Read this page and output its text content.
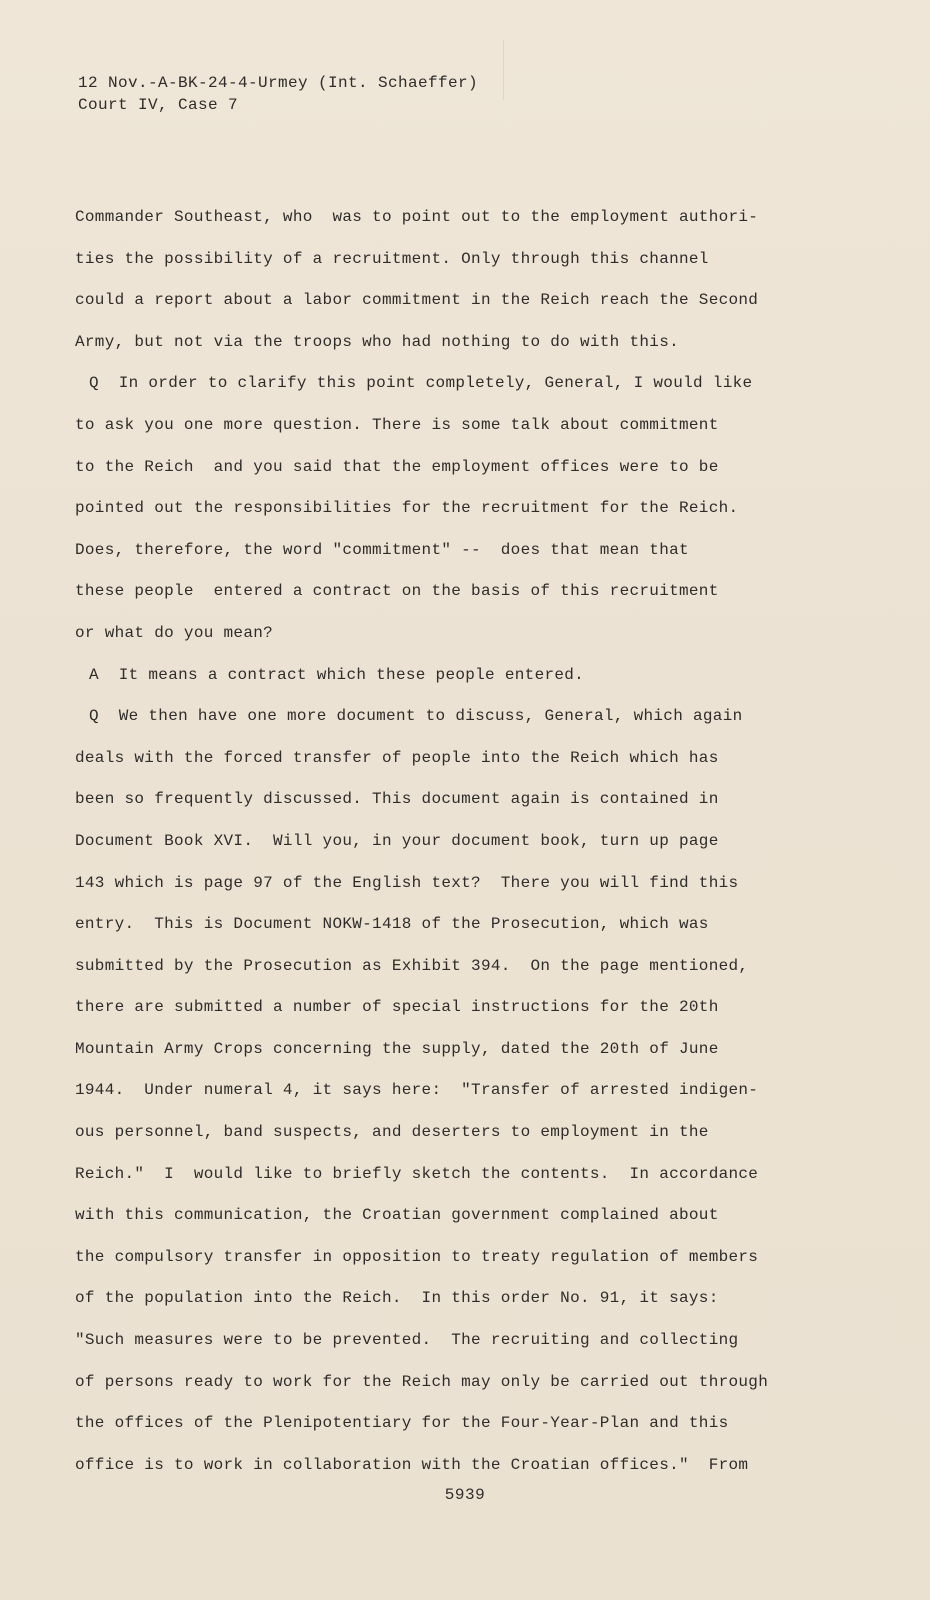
12 Nov.-A-BK-24-4-Urmey (Int. Schaeffer)
Court IV, Case 7
Commander Southeast, who  was to point out to the employment authori-
ties the possibility of a recruitment. Only through this channel
could a report about a labor commitment in the Reich reach the Second
Army, but not via the troops who had nothing to do with this.
Q  In order to clarify this point completely, General, I would like
to ask you one more question. There is some talk about commitment
to the Reich  and you said that the employment offices were to be
pointed out the responsibilities for the recruitment for the Reich.
Does, therefore, the word "commitment" --  does that mean that
these people  entered a contract on the basis of this recruitment
or what do you mean?
A  It means a contract which these people entered.
Q  We then have one more document to discuss, General, which again
deals with the forced transfer of people into the Reich which has
been so frequently discussed. This document again is contained in
Document Book XVI.  Will you, in your document book, turn up page
143 which is page 97 of the English text?  There you will find this
entry.  This is Document NOKW-1418 of the Prosecution, which was
submitted by the Prosecution as Exhibit 394.  On the page mentioned,
there are submitted a number of special instructions for the 20th
Mountain Army Crops concerning the supply, dated the 20th of June
1944.  Under numeral 4, it says here:  "Transfer of arrested indigen-
ous personnel, band suspects, and deserters to employment in the
Reich."  I  would like to briefly sketch the contents.  In accordance
with this communication, the Croatian government complained about
the compulsory transfer in opposition to treaty regulation of members
of the population into the Reich.  In this order No. 91, it says:
"Such measures were to be prevented.  The recruiting and collecting
of persons ready to work for the Reich may only be carried out through
the offices of the Plenipotentiary for the Four-Year-Plan and this
office is to work in collaboration with the Croatian offices."  From
5939
